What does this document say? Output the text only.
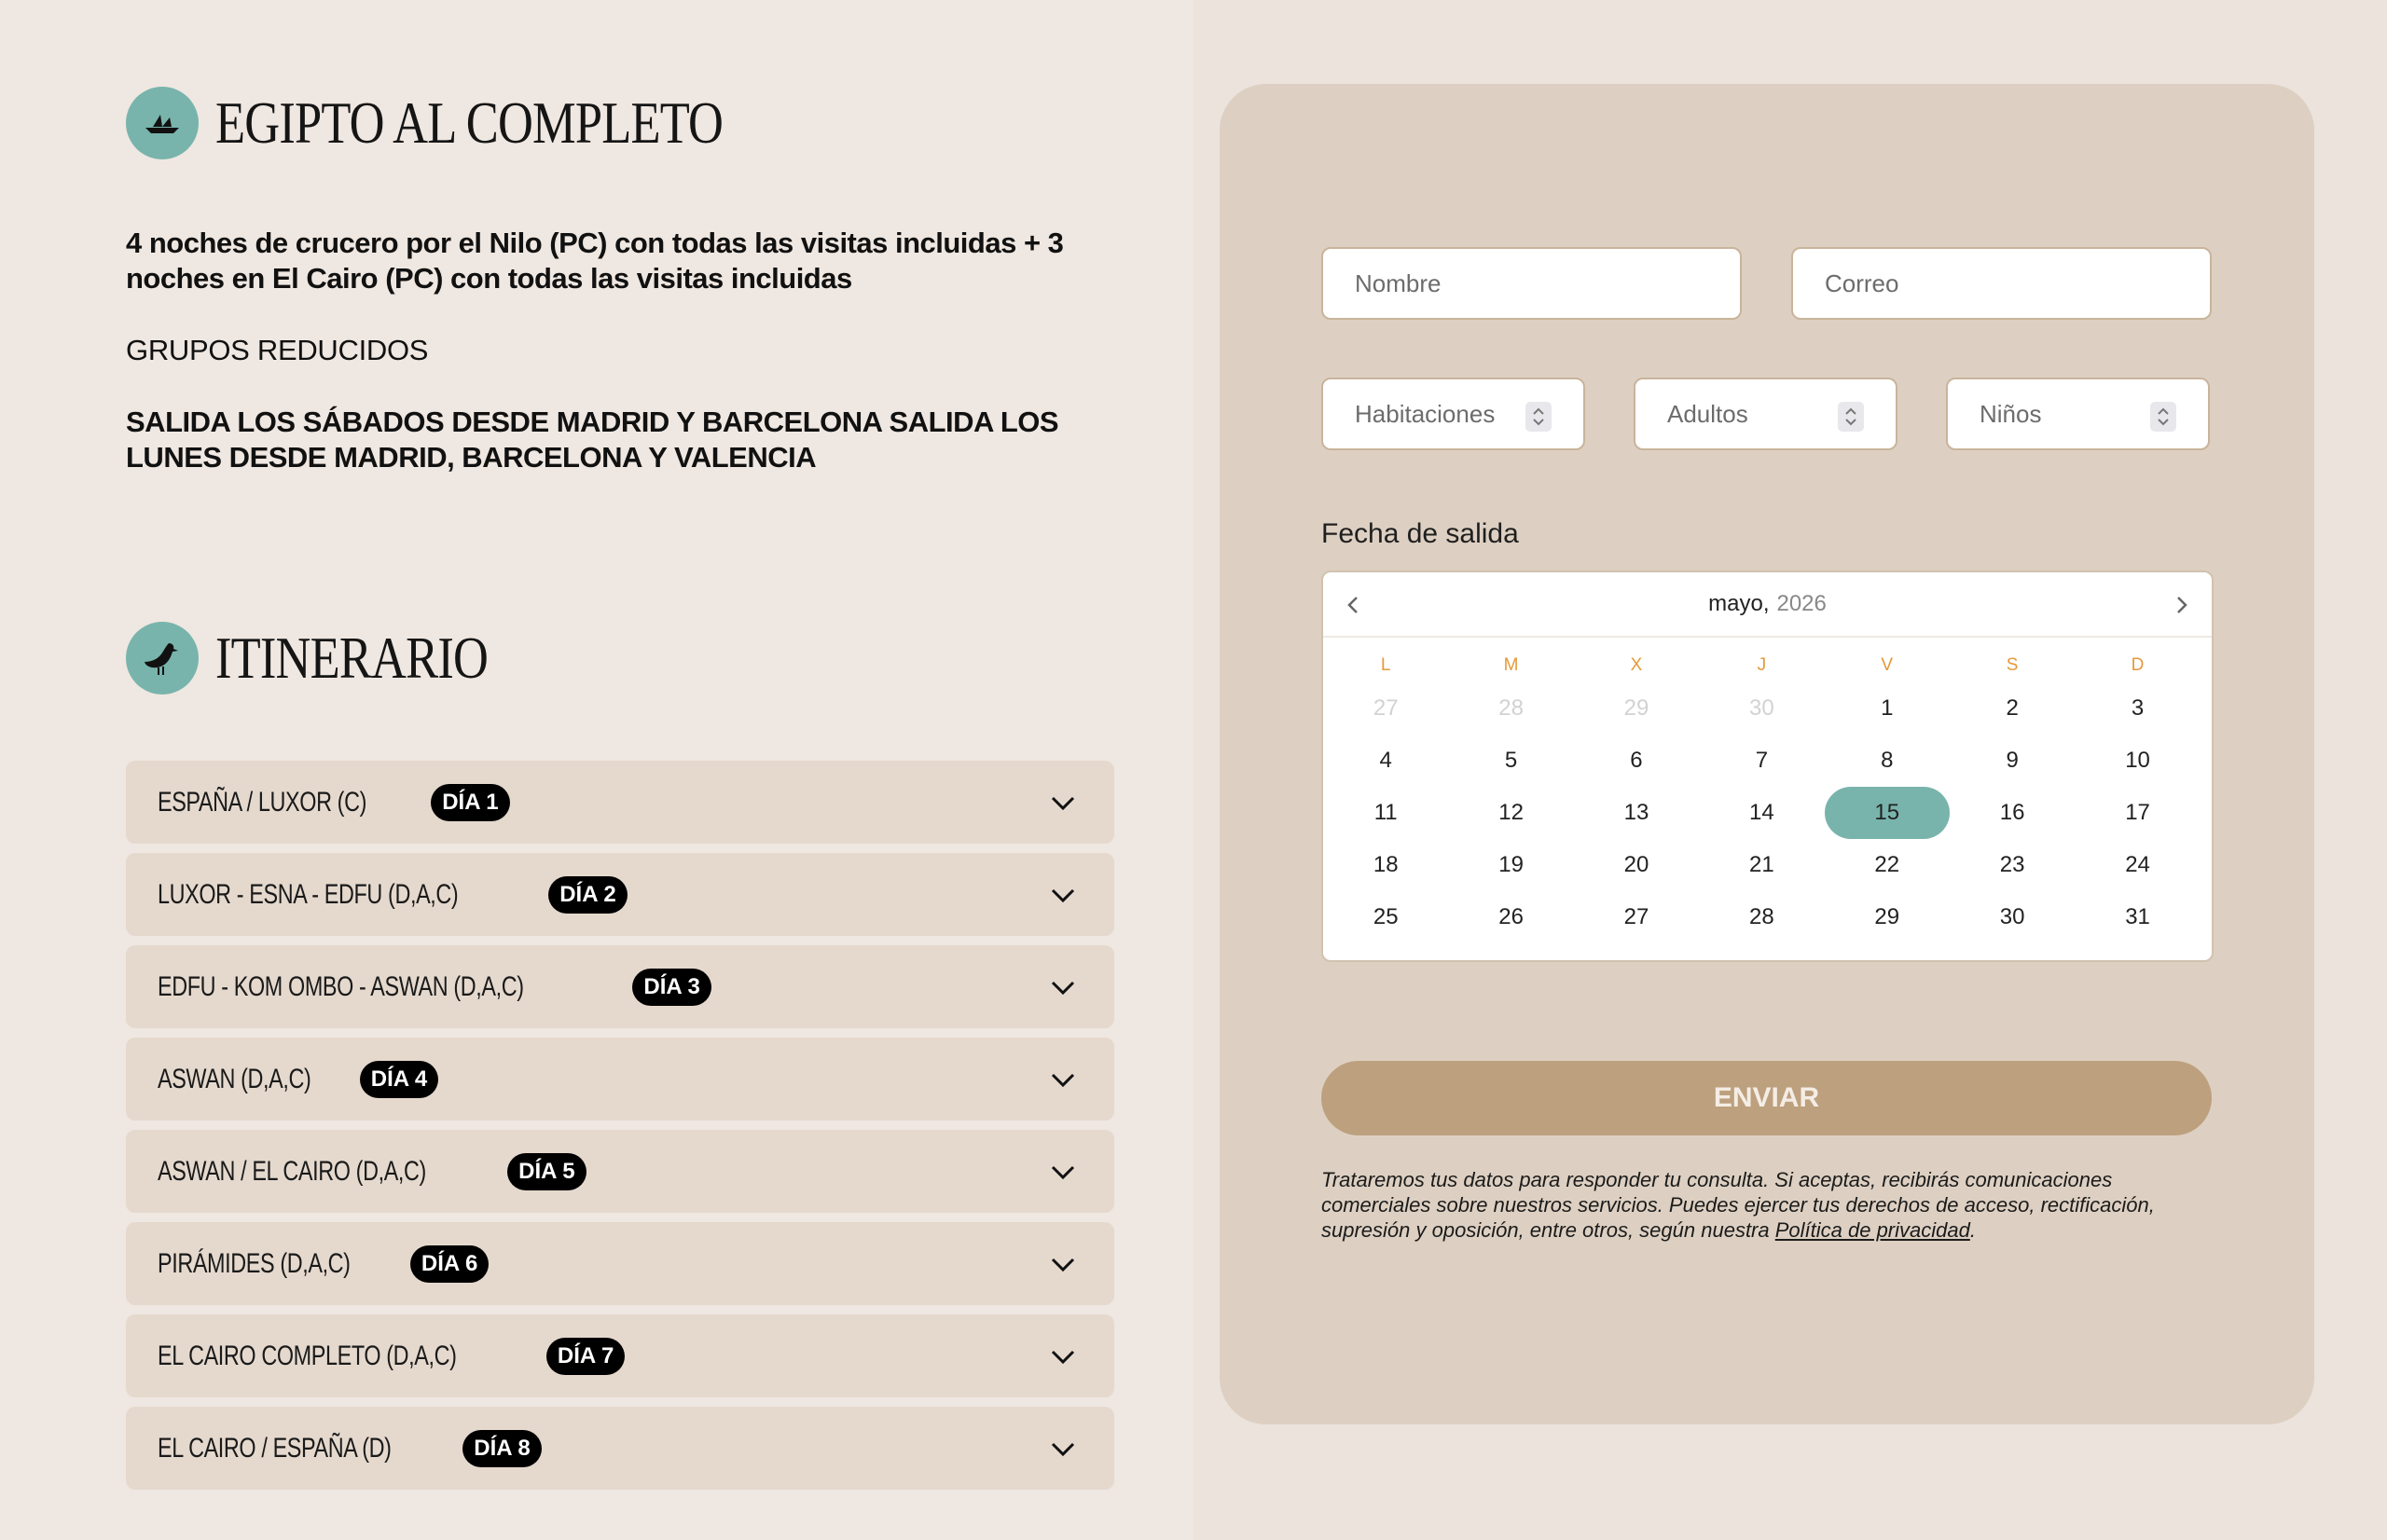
EGIPTO AL COMPLETO
4 noches de crucero por el Nilo (PC) con todas las visitas incluidas + 3 noches en El Cairo (PC) con todas las visitas incluidas
GRUPOS REDUCIDOS
SALIDA LOS SÁBADOS DESDE MADRID Y BARCELONA SALIDA LOS LUNES DESDE MADRID, BARCELONA Y VALENCIA
ITINERARIO
ESPAÑA / LUXOR (C)	DÍA 1
LUXOR - ESNA - EDFU (D,A,C)	DÍA 2
EDFU - KOM OMBO - ASWAN (D,A,C)	DÍA 3
ASWAN (D,A,C)	DÍA 4
ASWAN / EL CAIRO (D,A,C)	DÍA 5
PIRÁMIDES (D,A,C)	DÍA 6
EL CAIRO COMPLETO (D,A,C)	DÍA 7
EL CAIRO / ESPAÑA (D)	DÍA 8
Nombre	Correo
Habitaciones	Adultos	Niños
Fecha de salida
mayo, 2026
L	M	X	J	V	S	D
27	28	29	30	1	2	3
4	5	6	7	8	9	10
11	12	13	14	15	16	17
18	19	20	21	22	23	24
25	26	27	28	29	30	31
ENVIAR
Trataremos tus datos para responder tu consulta. Si aceptas, recibirás comunicaciones comerciales sobre nuestros servicios. Puedes ejercer tus derechos de acceso, rectificación, supresión y oposición, entre otros, según nuestra Política de privacidad.
